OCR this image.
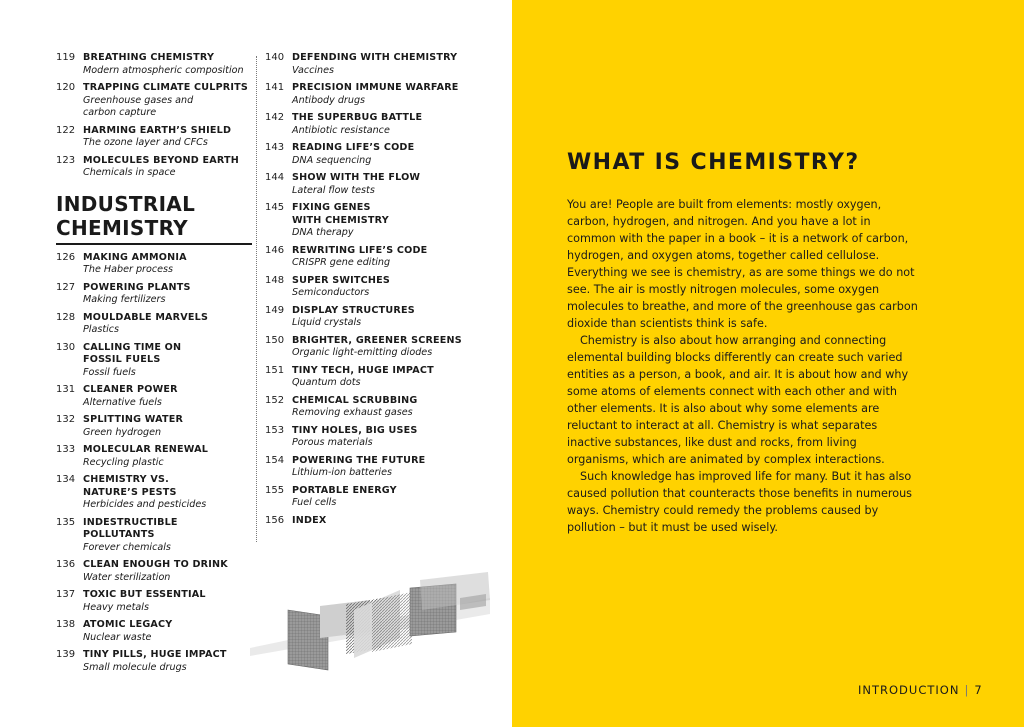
119 BREATHING CHEMISTRY
Modern atmospheric composition
120 TRAPPING CLIMATE CULPRITS
Greenhouse gases and
carbon capture
122 HARMING EARTH’S SHIELD
The ozone layer and CFCs
123 MOLECULES BEYOND EARTH
Chemicals in space
INDUSTRIAL
CHEMISTRY
126 MAKING AMMONIA
The Haber process
127 POWERING PLANTS
Making fertilizers
128 MOULDABLE MARVELS
Plastics
130 CALLING TIME ON
FOSSIL FUELS
Fossil fuels
131 CLEANER POWER
Alternative fuels
132 SPLITTING WATER
Green hydrogen
133 MOLECULAR RENEWAL
Recycling plastic
134 CHEMISTRY VS.
NATURE’S PESTS
Herbicides and pesticides
135 INDESTRUCTIBLE
POLLUTANTS
Forever chemicals
136 CLEAN ENOUGH TO DRINK
Water sterilization
137 TOXIC BUT ESSENTIAL
Heavy metals
138 ATOMIC LEGACY
Nuclear waste
139 TINY PILLS, HUGE IMPACT
Small molecule drugs
140 DEFENDING WITH CHEMISTRY
Vaccines
141 PRECISION IMMUNE WARFARE
Antibody drugs
142 THE SUPERBUG BATTLE
Antibiotic resistance
143 READING LIFE’S CODE
DNA sequencing
144 SHOW WITH THE FLOW
Lateral flow tests
145 FIXING GENES
WITH CHEMISTRY
DNA therapy
146 REWRITING LIFE’S CODE
CRISPR gene editing
148 SUPER SWITCHES
Semiconductors
149 DISPLAY STRUCTURES
Liquid crystals
150 BRIGHTER, GREENER SCREENS
Organic light-emitting diodes
151 TINY TECH, HUGE IMPACT
Quantum dots
152 CHEMICAL SCRUBBING
Removing exhaust gases
153 TINY HOLES, BIG USES
Porous materials
154 POWERING THE FUTURE
Lithium-ion batteries
155 PORTABLE ENERGY
Fuel cells
156 INDEX
WHAT IS CHEMISTRY?

You are! People are built from elements: mostly oxygen, carbon, hydrogen, and nitrogen. And you have a lot in common with the paper in a book – it is a network of carbon, hydrogen, and oxygen atoms, together called cellulose. Everything we see is chemistry, as are some things we do not see. The air is mostly nitrogen molecules, some oxygen molecules to breathe, and more of the greenhouse gas carbon dioxide than scientists think is safe.

Chemistry is also about how arranging and connecting elemental building blocks differently can create such varied entities as a person, a book, and air. It is about how and why some atoms of elements connect with each other and with other elements. It is also about why some elements are reluctant to interact at all. Chemistry is what separates inactive substances, like dust and rocks, from living organisms, which are animated by complex interactions.

Such knowledge has improved life for many. But it has also caused pollution that counteracts those benefits in numerous ways. Chemistry could remedy the problems caused by pollution – but it must be used wisely.

INTRODUCTION | 7
